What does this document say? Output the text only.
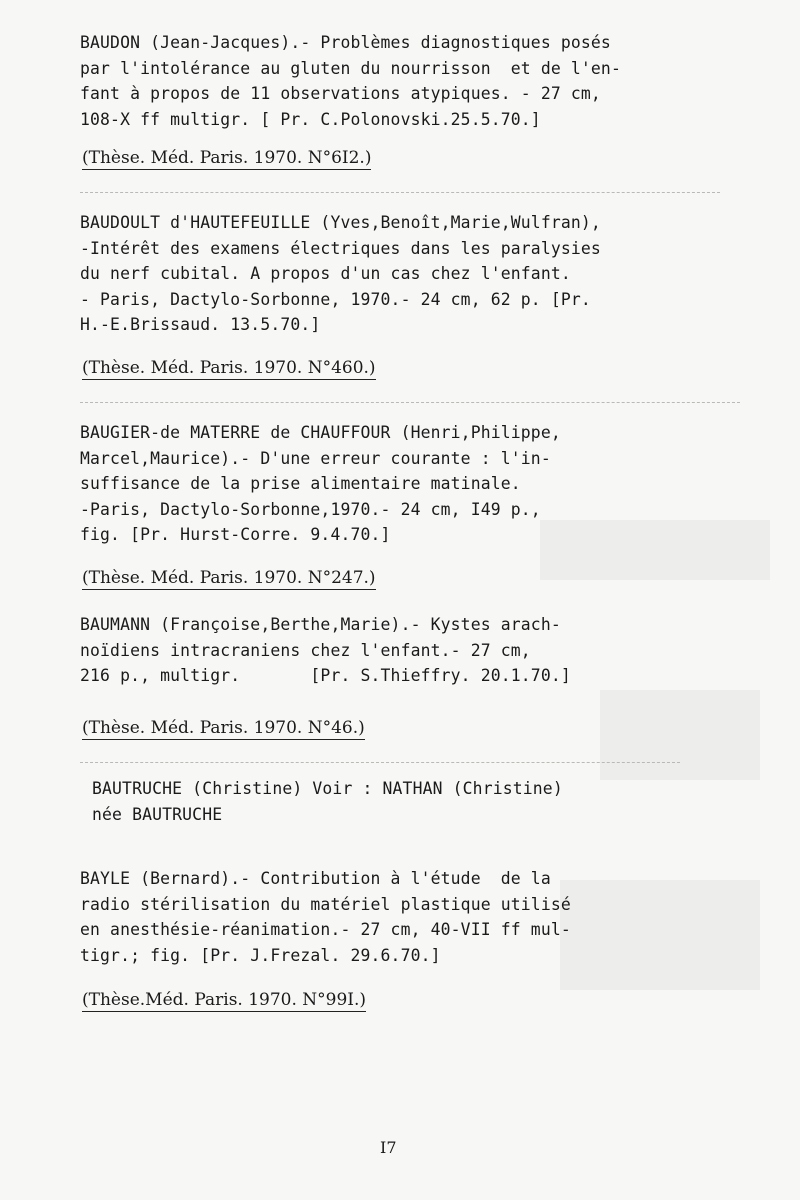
BAUDON (Jean-Jacques).- Problèmes diagnostiques posés
par l'intolérance au gluten du nourrisson  et de l'en-
fant à propos de 11 observations atypiques. - 27 cm,
108-X ff multigr. [ Pr. C.Polonovski.25.5.70.]
(Thèse. Méd. Paris. 1970. N°6I2.)
BAUDOULT d'HAUTEFEUILLE (Yves,Benoît,Marie,Wulfran),
-Intérêt des examens électriques dans les paralysies
du nerf cubital. A propos d'un cas chez l'enfant.
- Paris, Dactylo-Sorbonne, 1970.- 24 cm, 62 p. [Pr.
H.-E.Brissaud. 13.5.70.]
(Thèse. Méd. Paris. 1970. N°460.)
BAUGIER-de MATERRE de CHAUFFOUR (Henri,Philippe,
Marcel,Maurice).- D'une erreur courante : l'in-
suffisance de la prise alimentaire matinale.
-Paris, Dactylo-Sorbonne,1970.- 24 cm, I49 p.,
fig. [Pr. Hurst-Corre. 9.4.70.]
(Thèse. Méd. Paris. 1970. N°247.)
BAUMANN (Françoise,Berthe,Marie).- Kystes arach-
noïdiens intracraniens chez l'enfant.- 27 cm,
216 p., multigr.       [Pr. S.Thieffry. 20.1.70.]
(Thèse. Méd. Paris. 1970. N°46.)
BAUTRUCHE (Christine) Voir : NATHAN (Christine)
née BAUTRUCHE
BAYLE (Bernard).- Contribution à l'étude  de la
radio stérilisation du matériel plastique utilisé
en anesthésie-réanimation.- 27 cm, 40-VII ff mul-
tigr.; fig. [Pr. J.Frezal. 29.6.70.]
(Thèse.Méd. Paris. 1970. N°99I.)
I7
